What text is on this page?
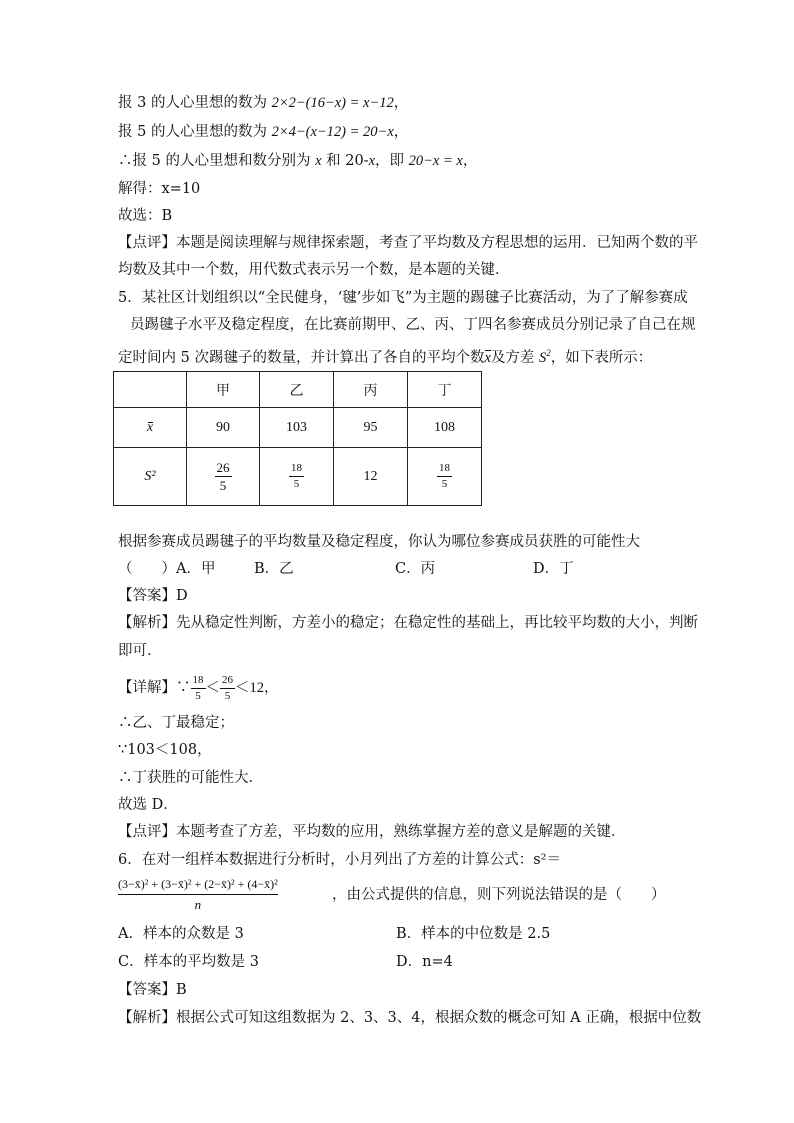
报 3 的人心里想的数为 2×2−(16−x) = x−12，
报 5 的人心里想的数为 2×4−(x−12) = 20−x，
∴报 5 的人心里想和数分别为 x 和 20-x，即 20−x = x，
解得：x=10
故选：B
【点评】本题是阅读理解与规律探索题，考查了平均数及方程思想的运用．已知两个数的平
均数及其中一个数，用代数式表示另一个数，是本题的关键．
5．某社区计划组织以“全民健身，‘毽’步如飞”为主题的踢毽子比赛活动，为了了解参赛成
员踢毽子水平及稳定程度，在比赛前期甲、乙、丙、丁四名参赛成员分别记录了自己在规
定时间内 5 次踢毽子的数量，并计算出了各自的平均个数x及方差 $S^2$，如下表所示：
	甲	乙	丙	丁
x	90	103	95	108
S²	$\frac{26}{5}$	$\frac{18}{5}$	12	$\frac{18}{5}$
根据参赛成员踢毽子的平均数量及稳定程度，你认为哪位参赛成员获胜的可能性大
（　　）A．甲	B．乙	C．丙	D．丁
【答案】D
【解析】先从稳定性判断，方差小的稳定；在稳定性的基础上，再比较平均数的大小，判断
即可．
【详解】∵ $\frac{18}{5} < \frac{26}{5} <12$，
∴乙、丁最稳定；
∵103＜108，
∴丁获胜的可能性大．
故选 D．
【点评】本题考查了方差，平均数的应用，熟练掌握方差的意义是解题的关键．
6．在对一组样本数据进行分析时，小月列出了方差的计算公式：s²＝
$\frac{\text{(3−x̄)² + (3−x̄)² + (2−x̄)² + (4−x̄)²}}{n}$	，由公式提供的信息，则下列说法错误的是（　　）
A．样本的众数是 3	B．样本的中位数是 2.5
C．样本的平均数是 3	D．n=4
【答案】B
【解析】根据公式可知这组数据为 2、3、3、4，根据众数的概念可知 A 正确，根据中位数
